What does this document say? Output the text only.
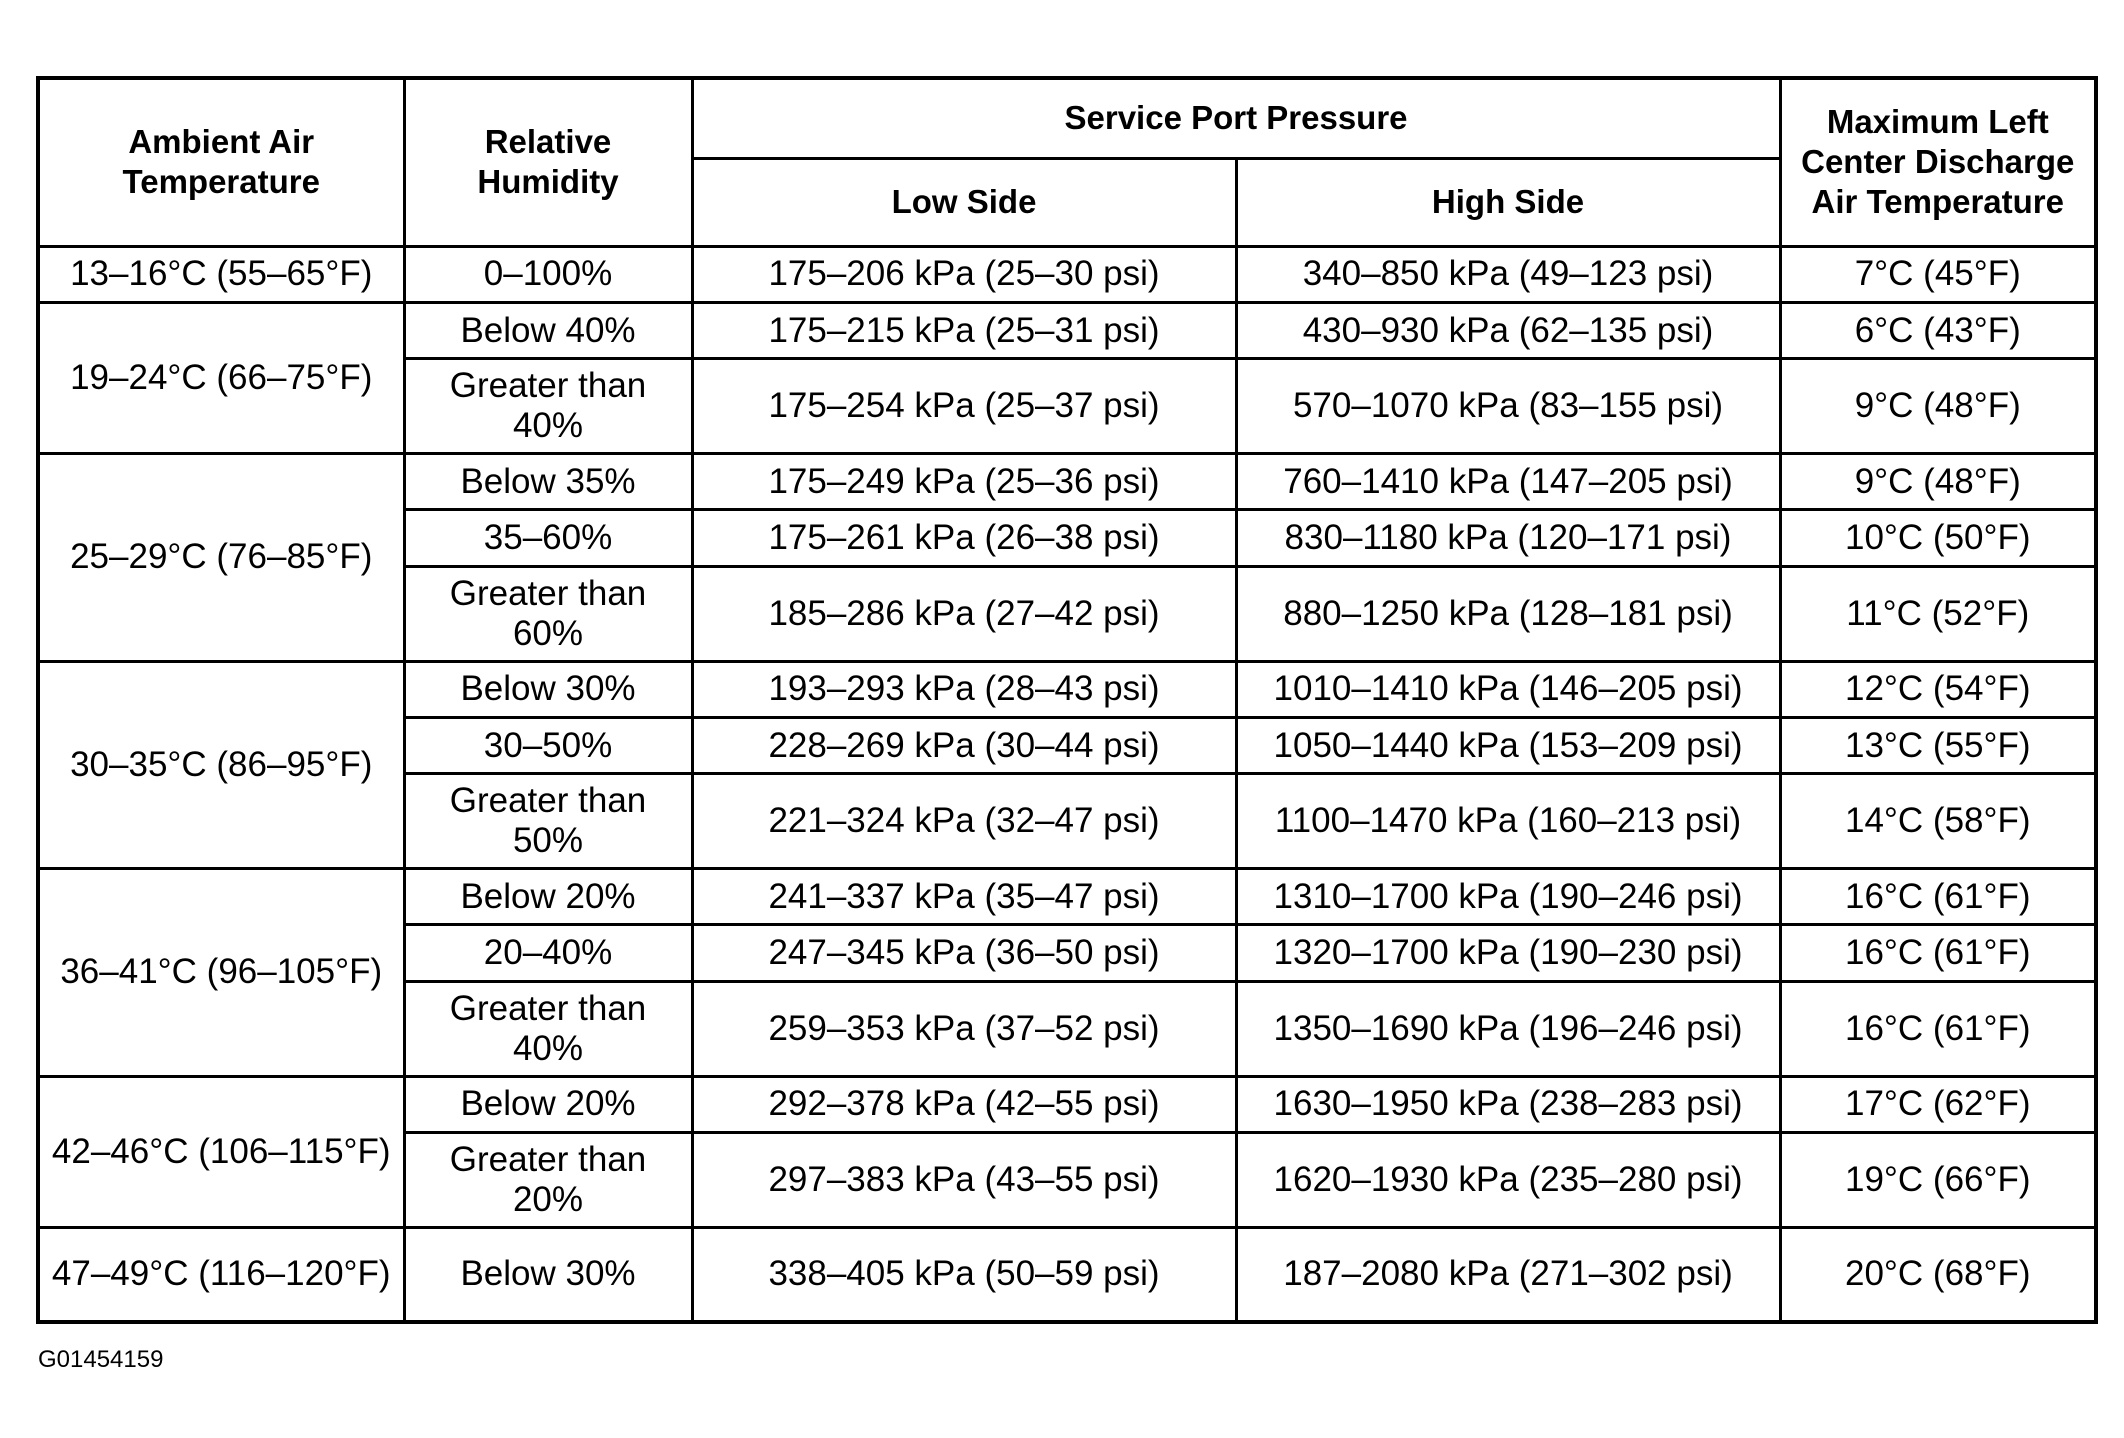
Ambient Air Temperature	Relative Humidity	Service Port Pressure		Maximum Left Center Discharge Air Temperature
		Low Side	High Side	
13–16°C (55–65°F)	0–100%	175–206 kPa (25–30 psi)	340–850 kPa (49–123 psi)	7°C (45°F)
19–24°C (66–75°F)	Below 40%	175–215 kPa (25–31 psi)	430–930 kPa (62–135 psi)	6°C (43°F)
	Greater than 40%	175–254 kPa (25–37 psi)	570–1070 kPa (83–155 psi)	9°C (48°F)
25–29°C (76–85°F)	Below 35%	175–249 kPa (25–36 psi)	760–1410 kPa (147–205 psi)	9°C (48°F)
	35–60%	175–261 kPa (26–38 psi)	830–1180 kPa (120–171 psi)	10°C (50°F)
	Greater than 60%	185–286 kPa (27–42 psi)	880–1250 kPa (128–181 psi)	11°C (52°F)
30–35°C (86–95°F)	Below 30%	193–293 kPa (28–43 psi)	1010–1410 kPa (146–205 psi)	12°C (54°F)
	30–50%	228–269 kPa (30–44 psi)	1050–1440 kPa (153–209 psi)	13°C (55°F)
	Greater than 50%	221–324 kPa (32–47 psi)	1100–1470 kPa (160–213 psi)	14°C (58°F)
36–41°C (96–105°F)	Below 20%	241–337 kPa (35–47 psi)	1310–1700 kPa (190–246 psi)	16°C (61°F)
	20–40%	247–345 kPa (36–50 psi)	1320–1700 kPa (190–230 psi)	16°C (61°F)
	Greater than 40%	259–353 kPa (37–52 psi)	1350–1690 kPa (196–246 psi)	16°C (61°F)
42–46°C (106–115°F)	Below 20%	292–378 kPa (42–55 psi)	1630–1950 kPa (238–283 psi)	17°C (62°F)
	Greater than 20%	297–383 kPa (43–55 psi)	1620–1930 kPa (235–280 psi)	19°C (66°F)
47–49°C (116–120°F)	Below 30%	338–405 kPa (50–59 psi)	187–2080 kPa (271–302 psi)	20°C (68°F)
G01454159
